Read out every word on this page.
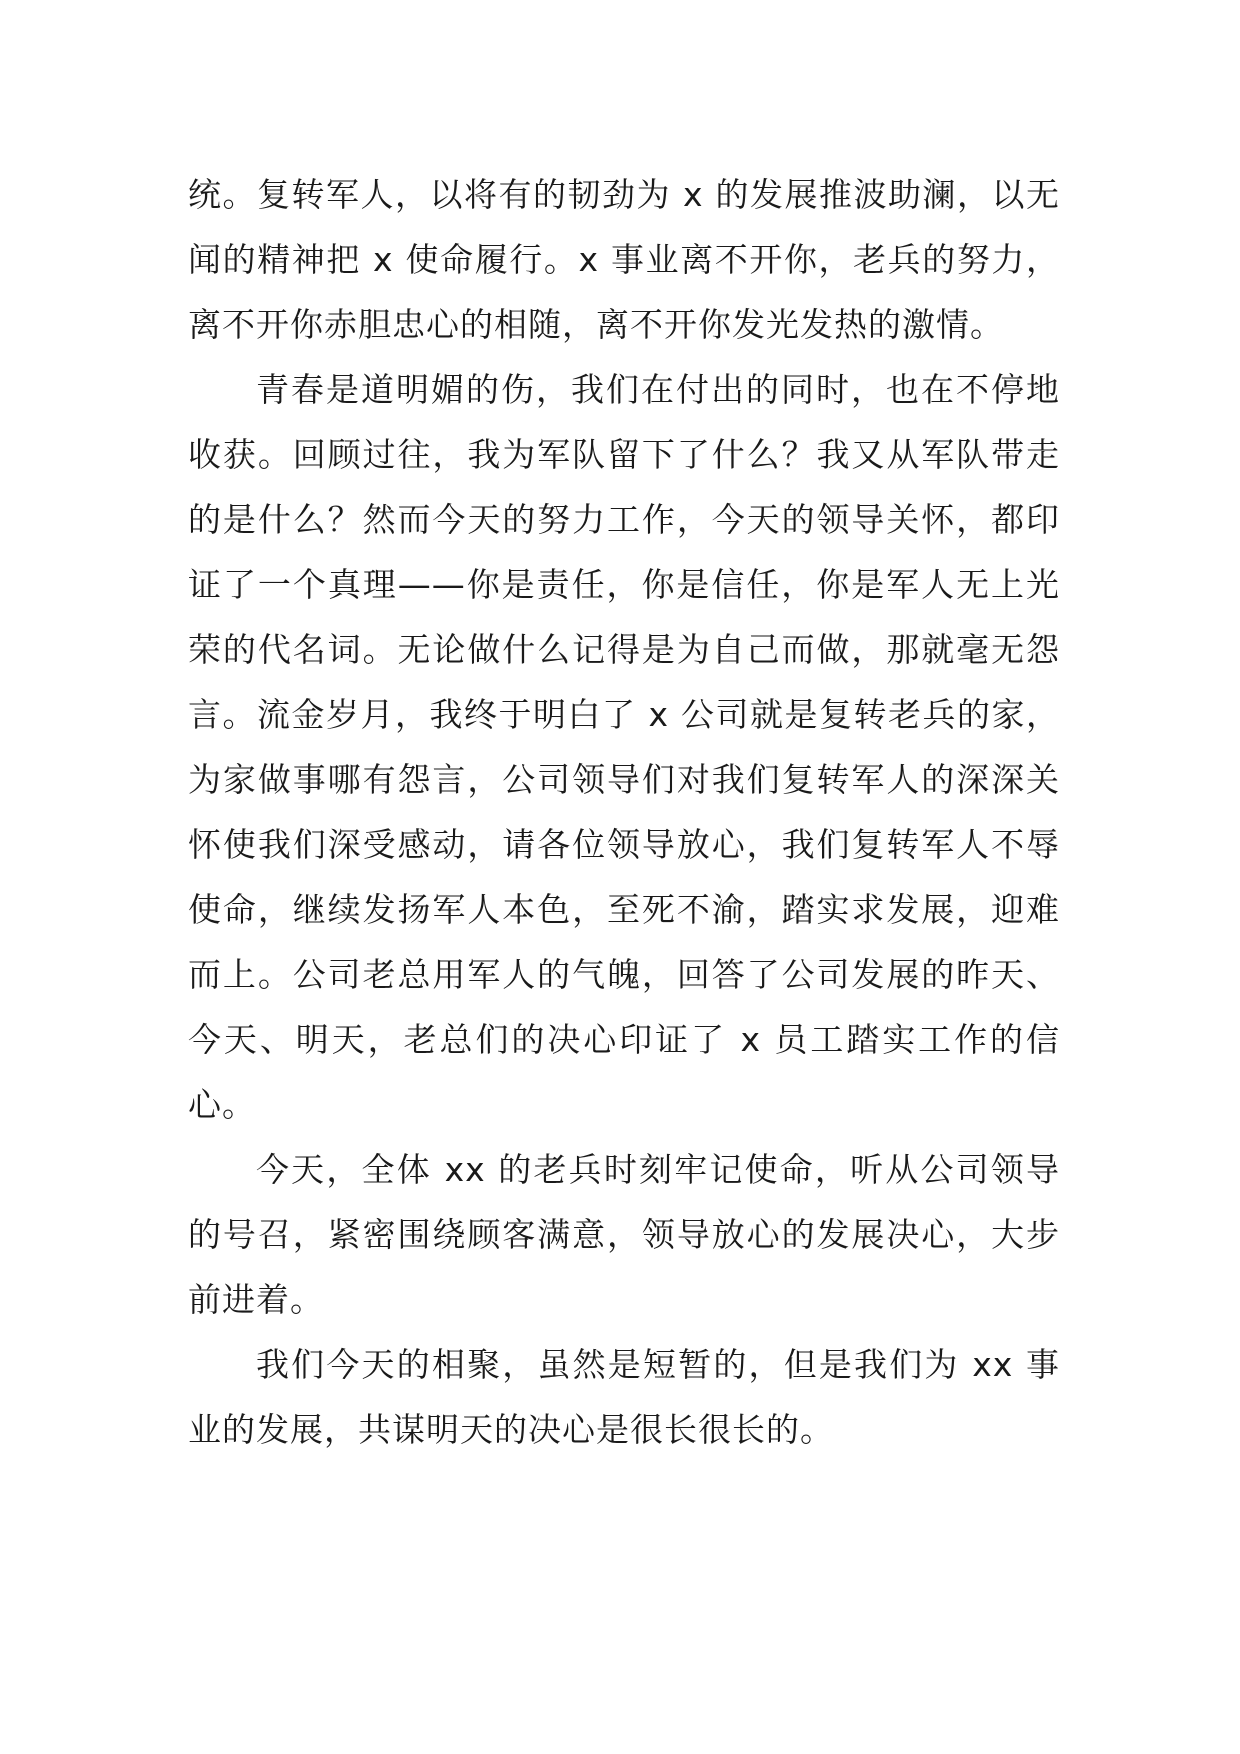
统。复转军人，以将有的韧劲为 x 的发展推波助澜，以无闻的精神把 x 使命履行。x 事业离不开你，老兵的努力，离不开你赤胆忠心的相随，离不开你发光发热的激情。

青春是道明媚的伤，我们在付出的同时，也在不停地收获。回顾过往，我为军队留下了什么？我又从军队带走的是什么？然而今天的努力工作，今天的领导关怀，都印证了一个真理——你是责任，你是信任，你是军人无上光荣的代名词。无论做什么记得是为自己而做，那就毫无怨言。流金岁月，我终于明白了 x 公司就是复转老兵的家，为家做事哪有怨言，公司领导们对我们复转军人的深深关怀使我们深受感动，请各位领导放心，我们复转军人不辱使命，继续发扬军人本色，至死不渝，踏实求发展，迎难而上。公司老总用军人的气魄，回答了公司发展的昨天、今天、明天，老总们的决心印证了 x 员工踏实工作的信心。

今天，全体 xx 的老兵时刻牢记使命，听从公司领导的号召，紧密围绕顾客满意，领导放心的发展决心，大步前进着。

我们今天的相聚，虽然是短暂的，但是我们为 xx 事业的发展，共谋明天的决心是很长很长的。
